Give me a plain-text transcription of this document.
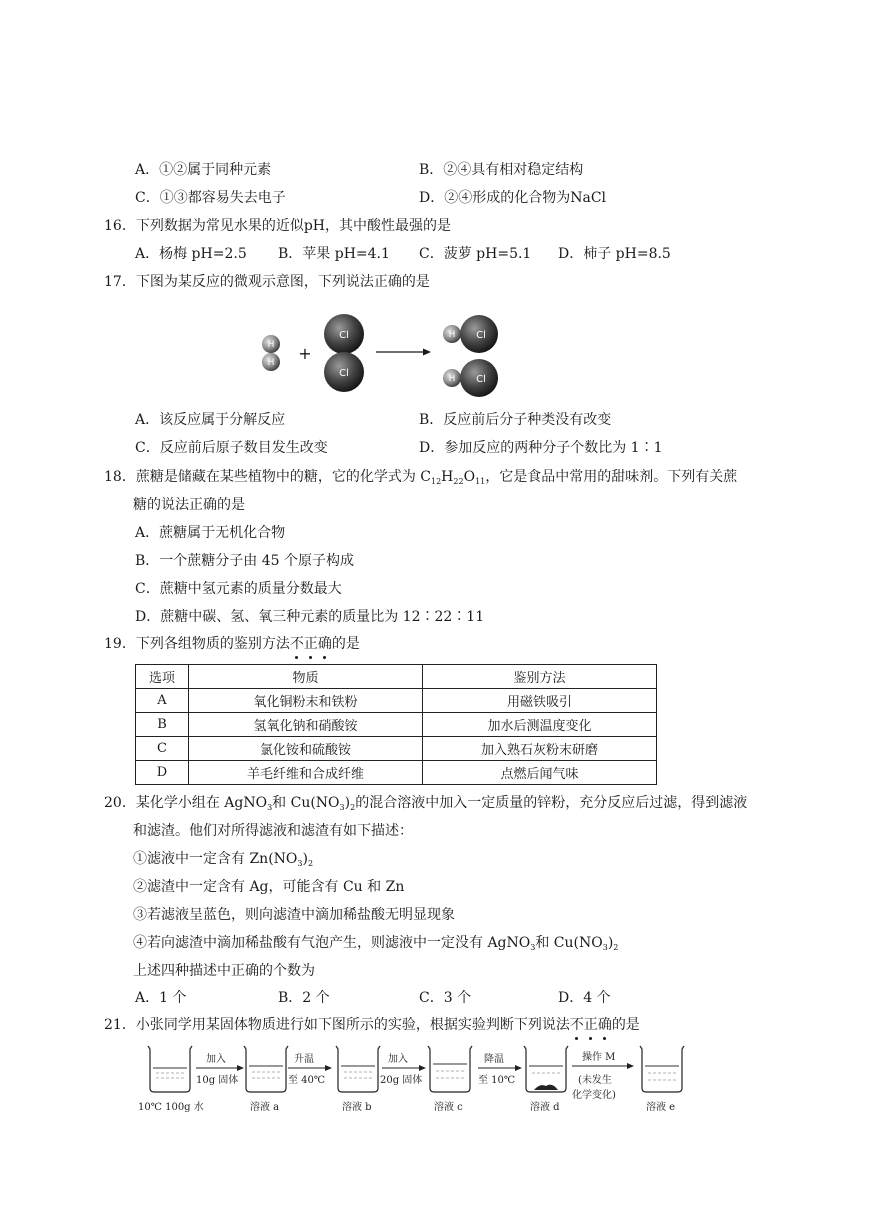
A．①②属于同种元素	B．②④具有相对稳定结构
C．①③都容易失去电子	D．②④形成的化合物为NaCl
16．下列数据为常见水果的近似pH，其中酸性最强的是
A．杨梅 pH=2.5 B．苹果 pH=4.1 C．菠萝 pH=5.1 D．柿子 pH=8.5
17．下图为某反应的微观示意图，下列说法正确的是
H
H +
Cl
Cl
H Cl
H Cl
A．该反应属于分解反应	B．反应前后分子种类没有改变
C．反应前后原子数目发生改变	D．参加反应的两种分子个数比为 1∶1
18．蔗糖是储藏在某些植物中的糖，它的化学式为 $C_{12}H_{22}O_{11}$，它是食品中常用的甜味剂。下列有关蔗
糖的说法正确的是
A．蔗糖属于无机化合物
B．一个蔗糖分子由 45 个原子构成
C．蔗糖中氢元素的质量分数最大
D．蔗糖中碳、氢、氧三种元素的质量比为 12∶22∶11
19．下列各组物质的鉴别方法不正确的是
选项	物质	鉴别方法
A	氧化铜粉末和铁粉	用磁铁吸引
B	氢氧化钠和硝酸铵	加水后测温度变化
C	氯化铵和硫酸铵	加入熟石灰粉末研磨
D	羊毛纤维和合成纤维	点燃后闻气味
20．某化学小组在 AgNO$_3$和 $Cu(NO_3)_2$的混合溶液中加入一定质量的锌粉，充分反应后过滤，得到滤液
和滤渣。他们对所得滤液和滤渣有如下描述：
①滤液中一定含有 $Zn(NO_3)_2$
②滤渣中一定含有 Ag，可能含有 Cu 和 Zn
③若滤液呈蓝色，则向滤渣中滴加稀盐酸无明显现象
④若向滤渣中滴加稀盐酸有气泡产生，则滤液中一定没有 AgNO$_3$和 $Cu(NO_3)_2$
上述四种描述中正确的个数为
A．1 个	B．2 个	C．3 个	D．4 个
21．小张同学用某固体物质进行如下图所示的实验，根据实验判断下列说法不正确的是
10℃ 100g 水
加入
10g 固体
溶液 a
升温
至 40℃
溶液 b
加入
20g 固体
溶液 c
降温
至 10℃
溶液 d
操作 M
(未发生
化学变化)
溶液 e
